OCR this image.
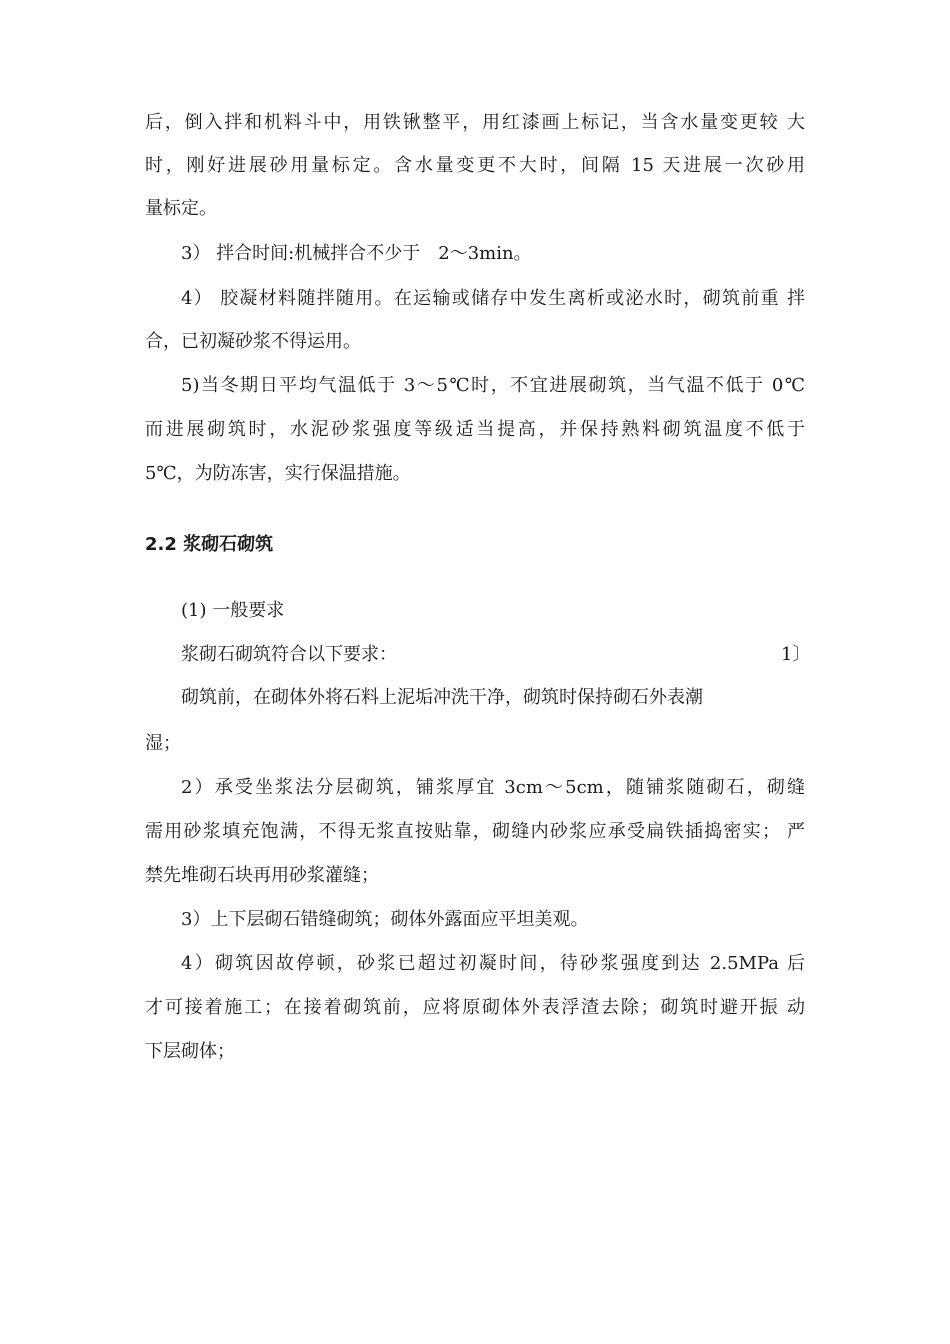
后，倒入拌和机料斗中，用铁锹整平，用红漆画上标记，当含水量变更较 大
时，刚好进展砂用量标定。含水量变更不大时，间隔 15 天进展一次砂用
量标定。
3） 拌合时间:机械拌合不少于　2～3min。
4） 胶凝材料随拌随用。在运输或储存中发生离析或泌水时，砌筑前重 拌
合，已初凝砂浆不得运用。
5)当冬期日平均气温低于 3～5℃时，不宜进展砌筑，当气温不低于 0℃
而进展砌筑时，水泥砂浆强度等级适当提高，并保持熟料砌筑温度不低于
5℃，为防冻害，实行保温措施。
2.2 浆砌石砌筑
(1) 一般要求
浆砌石砌筑符合以下要求：	1〕
砌筑前，在砌体外将石料上泥垢冲洗干净，砌筑时保持砌石外表潮
湿；
2）承受坐浆法分层砌筑，铺浆厚宜 3cm～5cm，随铺浆随砌石，砌缝
需用砂浆填充饱满，不得无浆直按贴靠，砌缝内砂浆应承受扁铁插捣密实； 严
禁先堆砌石块再用砂浆灌缝；
3）上下层砌石错缝砌筑；砌体外露面应平坦美观。
4）砌筑因故停顿，砂浆已超过初凝时间，待砂浆强度到达 2.5MPa 后
才可接着施工；在接着砌筑前，应将原砌体外表浮渣去除；砌筑时避开振 动
下层砌体；
